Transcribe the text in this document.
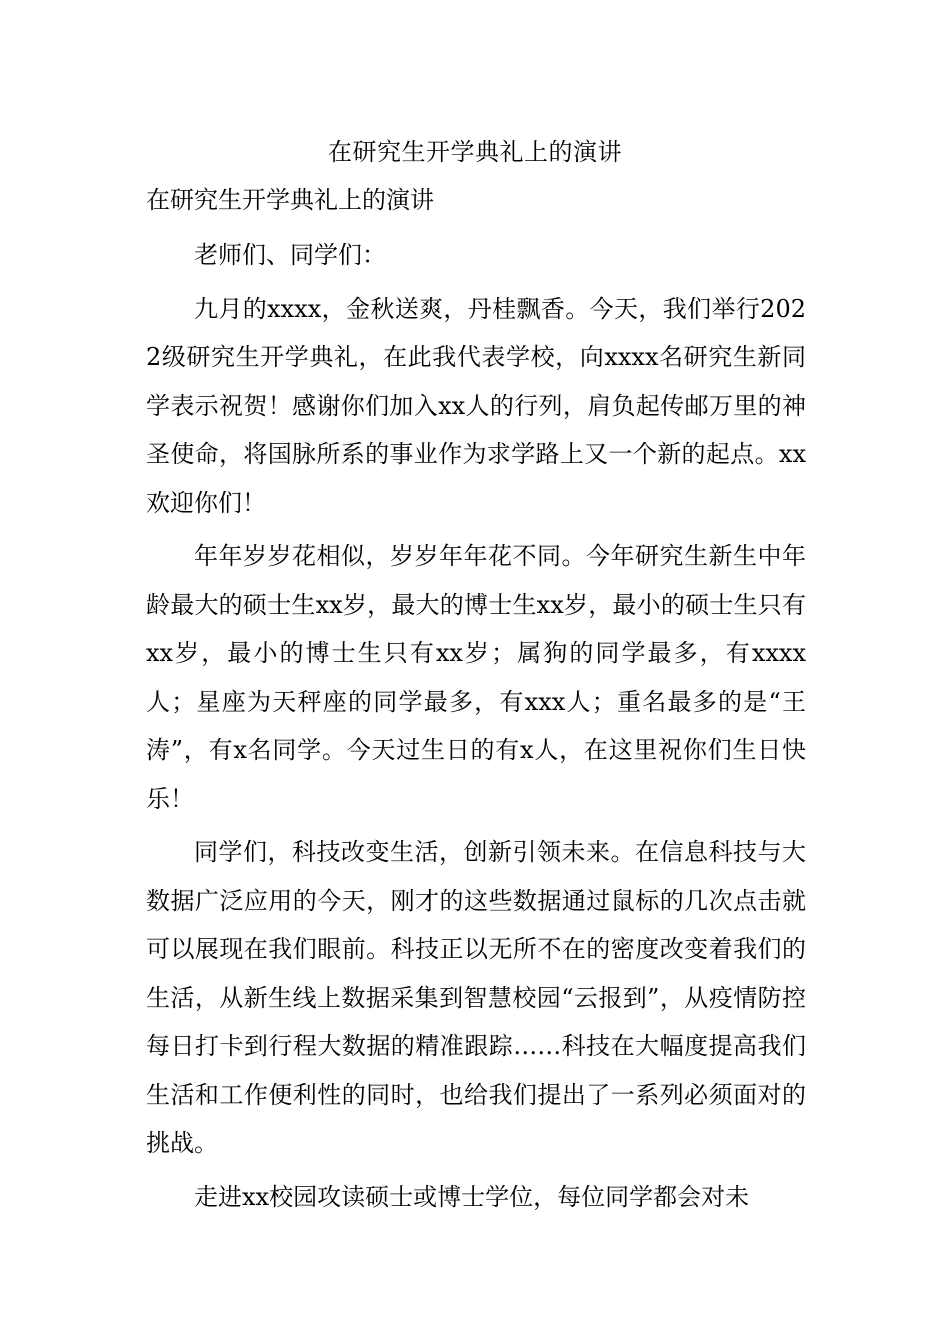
在研究生开学典礼上的演讲
在研究生开学典礼上的演讲

老师们、同学们：

九月的xxxx，金秋送爽，丹桂飘香。今天，我们举行2022级研究生开学典礼，在此我代表学校，向xxxx名研究生新同学表示祝贺！感谢你们加入xx人的行列，肩负起传邮万里的神圣使命，将国脉所系的事业作为求学路上又一个新的起点。xx欢迎你们！

年年岁岁花相似，岁岁年年花不同。今年研究生新生中年龄最大的硕士生xx岁，最大的博士生xx岁，最小的硕士生只有xx岁，最小的博士生只有xx岁；属狗的同学最多，有xxxx人；星座为天秤座的同学最多，有xxx人；重名最多的是“王涛”，有x名同学。今天过生日的有x人，在这里祝你们生日快乐！

同学们，科技改变生活，创新引领未来。在信息科技与大数据广泛应用的今天，刚才的这些数据通过鼠标的几次点击就可以展现在我们眼前。科技正以无所不在的密度改变着我们的生活，从新生线上数据采集到智慧校园“云报到”，从疫情防控每日打卡到行程大数据的精准跟踪……科技在大幅度提高我们生活和工作便利性的同时，也给我们提出了一系列必须面对的挑战。

走进xx校园攻读硕士或博士学位，每位同学都会对未
